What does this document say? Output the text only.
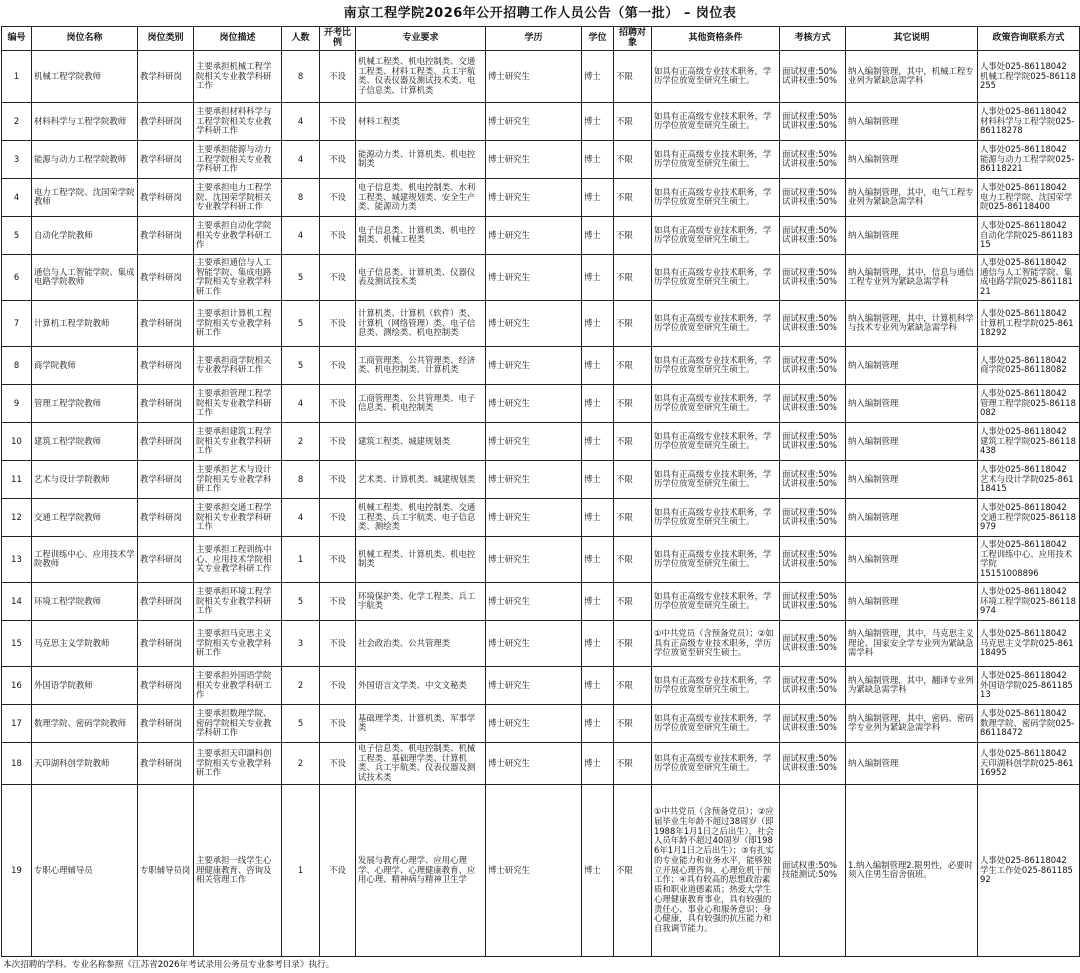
南京工程学院2026年公开招聘工作人员公告（第一批） – 岗位表
编号	岗位名称	岗位类别	岗位描述	人数	开考比例	专业要求	学历	学位	招聘对象	其他资格条件	考核方式	其它说明	政策咨询联系方式
1	机械工程学院教师	教学科研岗	主要承担机械工程学院相关专业教学科研工作	8	不设	机械工程类、机电控制类、交通工程类、材料工程类、兵工宇航类、仪表仪器及测试技术类、电子信息类、计算机类	博士研究生	博士	不限	如具有正高级专业技术职务，学历学位放宽至研究生硕士。	面试权重:50%
试讲权重:50%	纳入编制管理，其中，机械工程专业列为紧缺急需学科	人事处025-86118042
机械工程学院025-86118255
2	材料科学与工程学院教师	教学科研岗	主要承担材料科学与工程学院相关专业教学科研工作	4	不设	材料工程类	博士研究生	博士	不限	如具有正高级专业技术职务，学历学位放宽至研究生硕士。	面试权重:50%
试讲权重:50%	纳入编制管理	人事处025-86118042
材料科学与工程学院025-86118278
3	能源与动力工程学院教师	教学科研岗	主要承担能源与动力工程学院相关专业教学科研工作	4	不设	能源动力类、计算机类、机电控制类	博士研究生	博士	不限	如具有正高级专业技术职务，学历学位放宽至研究生硕士。	面试权重:50%
试讲权重:50%	纳入编制管理	人事处025-86118042
能源与动力工程学院025-86118221
4	电力工程学院、沈国荣学院教师	教学科研岗	主要承担电力工程学院、沈国荣学院相关专业教学科研工作	8	不设	电子信息类、机电控制类、水利工程类、城建规划类、安全生产类、能源动力类	博士研究生	博士	不限	如具有正高级专业技术职务，学历学位放宽至研究生硕士。	面试权重:50%
试讲权重:50%	纳入编制管理，其中，电气工程专业列为紧缺急需学科	人事处025-86118042
电力工程学院、沈国荣学院025-86118400
5	自动化学院教师	教学科研岗	主要承担自动化学院相关专业教学科研工作	4	不设	电子信息类、计算机类、机电控制类、机械工程类	博士研究生	博士	不限	如具有正高级专业技术职务，学历学位放宽至研究生硕士。	面试权重:50%
试讲权重:50%	纳入编制管理	人事处025-86118042
自动化学院025-86118315
6	通信与人工智能学院、集成电路学院教师	教学科研岗	主要承担通信与人工智能学院、集成电路学院相关专业教学科研工作	5	不设	电子信息类、计算机类、仪器仪表及测试技术类	博士研究生	博士	不限	如具有正高级专业技术职务，学历学位放宽至研究生硕士。	面试权重:50%
试讲权重:50%	纳入编制管理，其中，信息与通信工程专业列为紧缺急需学科	人事处025-86118042
通信与人工智能学院、集成电路学院025-86118121
7	计算机工程学院教师	教学科研岗	主要承担计算机工程学院相关专业教学科研工作	5	不设	计算机类、计算机（软件）类、计算机（网络管理）类、电子信息类、测绘类、机电控制类	博士研究生	博士	不限	如具有正高级专业技术职务，学历学位放宽至研究生硕士。	面试权重:50%
试讲权重:50%	纳入编制管理，其中，计算机科学与技术专业列为紧缺急需学科	人事处025-86118042
计算机工程学院025-86118292
8	商学院教师	教学科研岗	主要承担商学院相关专业教学科研工作	5	不设	工商管理类、公共管理类、经济类、机电控制类、计算机类	博士研究生	博士	不限	如具有正高级专业技术职务，学历学位放宽至研究生硕士。	面试权重:50%
试讲权重:50%	纳入编制管理	人事处025-86118042
商学院025-86118082
9	管理工程学院教师	教学科研岗	主要承担管理工程学院相关专业教学科研工作	4	不设	工商管理类、公共管理类、电子信息类、机电控制类	博士研究生	博士	不限	如具有正高级专业技术职务，学历学位放宽至研究生硕士。	面试权重:50%
试讲权重:50%	纳入编制管理	人事处025-86118042
管理工程学院025-86118082
10	建筑工程学院教师	教学科研岗	主要承担建筑工程学院相关专业教学科研工作	2	不设	建筑工程类、城建规划类	博士研究生	博士	不限	如具有正高级专业技术职务，学历学位放宽至研究生硕士。	面试权重:50%
试讲权重:50%	纳入编制管理	人事处025-86118042
建筑工程学院025-86118438
11	艺术与设计学院教师	教学科研岗	主要承担艺术与设计学院相关专业教学科研工作	8	不设	艺术类、计算机类、城建规划类	博士研究生	博士	不限	如具有正高级专业技术职务，学历学位放宽至研究生硕士。	面试权重:50%
试讲权重:50%	纳入编制管理	人事处025-86118042
艺术与设计学院025-86118415
12	交通工程学院教师	教学科研岗	主要承担交通工程学院相关专业教学科研工作	4	不设	机械工程类、机电控制类、交通工程类、兵工宇航类、电子信息类、测绘类	博士研究生	博士	不限	如具有正高级专业技术职务，学历学位放宽至研究生硕士。	面试权重:50%
试讲权重:50%	纳入编制管理	人事处025-86118042
交通工程学院025-86118979
13	工程训练中心、应用技术学院教师	教学科研岗	主要承担工程训练中心、应用技术学院相关专业教学科研工作	1	不设	机械工程类、计算机类、机电控制类	博士研究生	博士	不限	如具有正高级专业技术职务，学历学位放宽至研究生硕士。	面试权重:50%
试讲权重:50%	纳入编制管理	人事处025-86118042
工程训练中心、应用技术学院
15151008896
14	环境工程学院教师	教学科研岗	主要承担环境工程学院相关专业教学科研工作	5	不设	环境保护类、化学工程类、兵工宇航类	博士研究生	博士	不限	如具有正高级专业技术职务，学历学位放宽至研究生硕士。	面试权重:50%
试讲权重:50%	纳入编制管理	人事处025-86118042
环境工程学院025-86118974
15	马克思主义学院教师	教学科研岗	主要承担马克思主义学院相关专业教学科研工作	3	不设	社会政治类、公共管理类	博士研究生	博士	不限	①中共党员（含预备党员）；②如具有正高级专业技术职务，学历学位放宽至研究生硕士。	面试权重:50%
试讲权重:50%	纳入编制管理，其中，马克思主义理论、国家安全学专业列为紧缺急需学科	人事处025-86118042
马克思主义学院025-86118495
16	外国语学院教师	教学科研岗	主要承担外国语学院相关专业教学科研工作	2	不设	外国语言文学类、中文文秘类	博士研究生	博士	不限	如具有正高级专业技术职务，学历学位放宽至研究生硕士。	面试权重:50%
试讲权重:50%	纳入编制管理，其中，翻译专业列为紧缺急需学科	人事处025-86118042
外国语学院025-86118513
17	数理学院、密码学院教师	教学科研岗	主要承担数理学院、密码学院相关专业教学科研工作	5	不设	基础理学类、计算机类、军事学类	博士研究生	博士	不限	如具有正高级专业技术职务，学历学位放宽至研究生硕士。	面试权重:50%
试讲权重:50%	纳入编制管理，其中，密码、密码学专业列为紧缺急需学科	人事处025-86118042
数理学院、密码学院025-86118472
18	天印湖科创学院教师	教学科研岗	主要承担天印湖科创学院相关专业教学科研工作	2	不设	电子信息类、机电控制类、机械工程类、基础理学类、计算机类、兵工宇航类、仪表仪器及测试技术类	博士研究生	博士	不限	如具有正高级专业技术职务，学历学位放宽至研究生硕士。	面试权重:50%
试讲权重:50%	纳入编制管理	人事处025-86118042
天印湖科创学院025-86116952
19	专职心理辅导员	专职辅导员岗	主要承担一线学生心理健康教育、咨询及相关管理工作	1	不设	发展与教育心理学、应用心理学、心理学、心理健康教育、应用心理、精神病与精神卫生学	博士研究生	博士	不限	①中共党员（含预备党员）；②应届毕业生年龄不超过38周岁（即1988年1月1日之后出生），社会人员年龄不超过40周岁（即1986年1月1日之后出生）；③有扎实的专业能力和业务水平，能够独立开展心理咨询、心理危机干预工作；④具有较高的思想政治素质和职业道德素质；热爱大学生心理健康教育事业，具有较强的责任心、事业心和服务意识；身心健康，具有较强的抗压能力和自我调节能力。	面试权重:50%
技能测试:50%	1.纳入编制管理2.限男性，必要时须入住男生宿舍值班。	人事处025-86118042
学生工作处025-86118592
本次招聘的学科、专业名称参照《江苏省2026年考试录用公务员专业参考目录》执行。
